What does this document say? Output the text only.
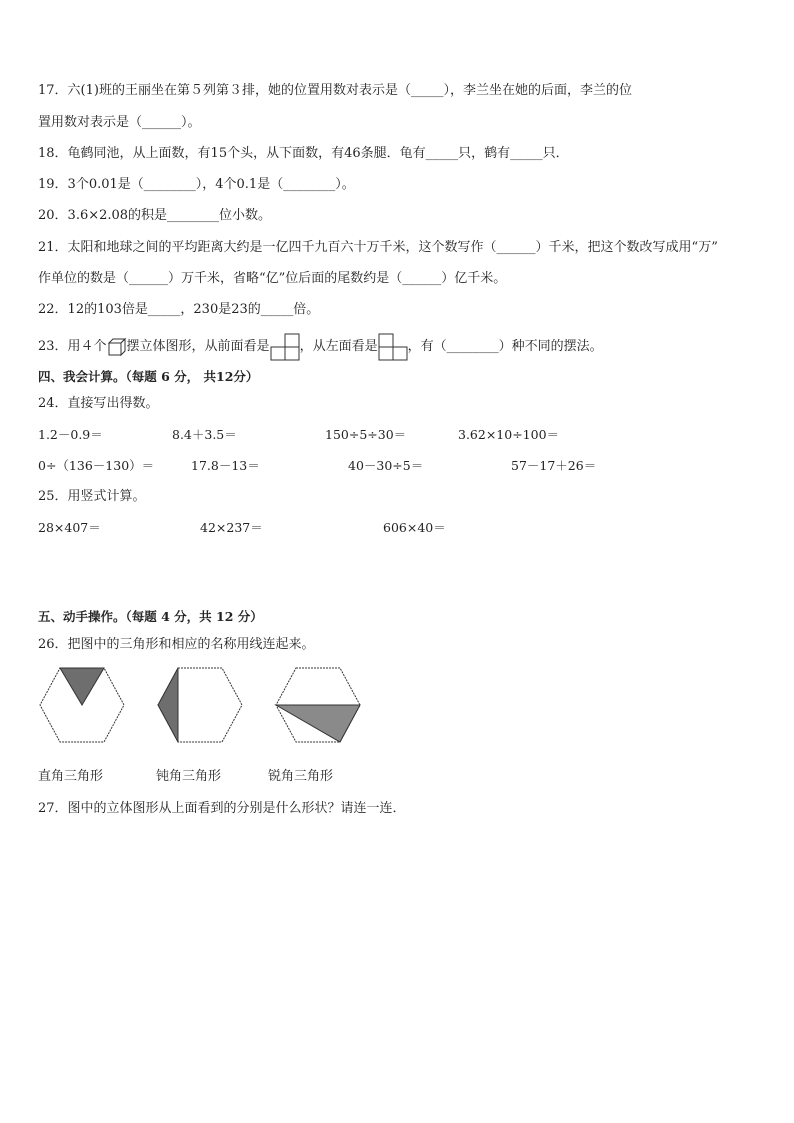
17．六(1)班的王丽坐在第５列第３排，她的位置用数对表示是（_____），李兰坐在她的后面，李兰的位
置用数对表示是（______）。
18．龟鹤同池，从上面数，有15个头，从下面数，有46条腿．龟有_____只，鹤有_____只．
19．3个0.01是（________），4个0.1是（________）。
20．3.6×2.08的积是________位小数。
21．太阳和地球之间的平均距离大约是一亿四千九百六十万千米，这个数写作（______）千米，把这个数改写成用“万”
作单位的数是（______）万千米，省略“亿”位后面的尾数约是（______）亿千米。
22．12的103倍是_____，230是23的_____倍。
23．用４个 摆立体图形，从前面看是 ，从左面看是 ，有（________）种不同的摆法。
四、我会计算。（每题 6 分， 共12分）
24．直接写出得数。
1.2－0.9＝	8.4＋3.5＝	150÷5÷30＝	3.62×10÷100＝
0÷（136－130）＝	17.8－13＝	40－30÷5＝	57－17＋26＝
25．用竖式计算。
28×407＝	42×237＝	606×40＝
五、动手操作。（每题 4 分，共 12 分）
26．把图中的三角形和相应的名称用线连起来。
直角三角形	钝角三角形	锐角三角形
27．图中的立体图形从上面看到的分别是什么形状？请连一连．
